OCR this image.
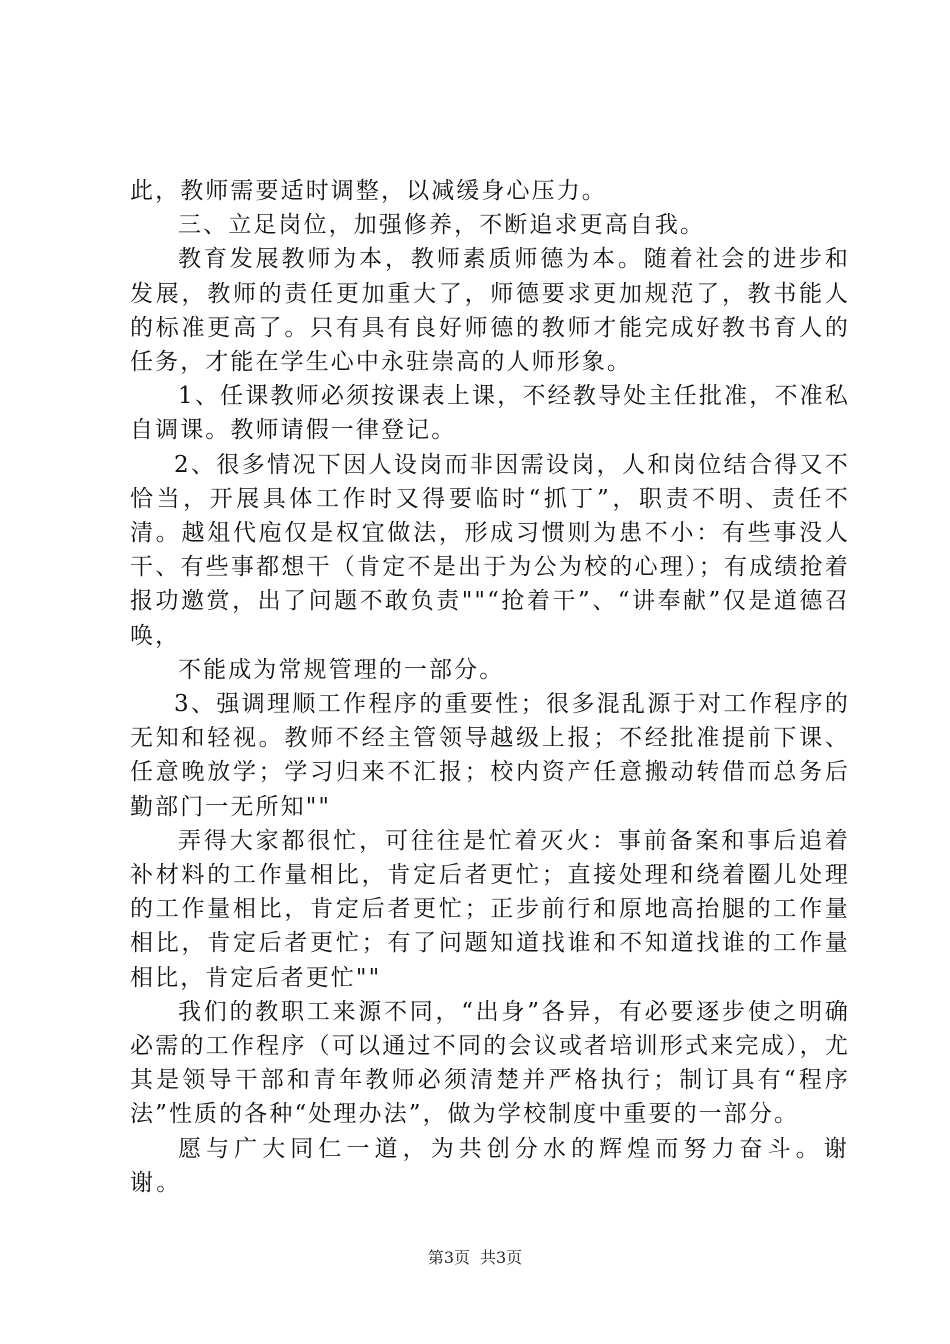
此，教师需要适时调整，以减缓身心压力。

三、立足岗位，加强修养，不断追求更高自我。

教育发展教师为本，教师素质师德为本。随着社会的进步和发展，教师的责任更加重大了，师德要求更加规范了，教书能人的标准更高了。只有具有良好师德的教师才能完成好教书育人的任务，才能在学生心中永驻崇高的人师形象。

1、任课教师必须按课表上课，不经教导处主任批准，不准私自调课。教师请假一律登记。

2、很多情况下因人设岗而非因需设岗，人和岗位结合得又不恰当，开展具体工作时又得要临时“抓丁”，职责不明、责任不清。越俎代庖仅是权宜做法，形成习惯则为患不小：有些事没人干、有些事都想干（肯定不是出于为公为校的心理）；有成绩抢着报功邀赏，出了问题不敢负责""“抢着干”、“讲奉献”仅是道德召唤，

不能成为常规管理的一部分。

3、强调理顺工作程序的重要性；很多混乱源于对工作程序的无知和轻视。教师不经主管领导越级上报；不经批准提前下课、任意晚放学；学习归来不汇报；校内资产任意搬动转借而总务后勤部门一无所知""

弄得大家都很忙，可往往是忙着灭火：事前备案和事后追着补材料的工作量相比，肯定后者更忙；直接处理和绕着圈儿处理的工作量相比，肯定后者更忙；正步前行和原地高抬腿的工作量相比，肯定后者更忙；有了问题知道找谁和不知道找谁的工作量相比，肯定后者更忙""

我们的教职工来源不同，“出身”各异，有必要逐步使之明确必需的工作程序（可以通过不同的会议或者培训形式来完成），尤其是领导干部和青年教师必须清楚并严格执行；制订具有“程序法”性质的各种“处理办法”，做为学校制度中重要的一部分。

愿与广大同仁一道，为共创分水的辉煌而努力奋斗。谢谢。

第3页 共3页
